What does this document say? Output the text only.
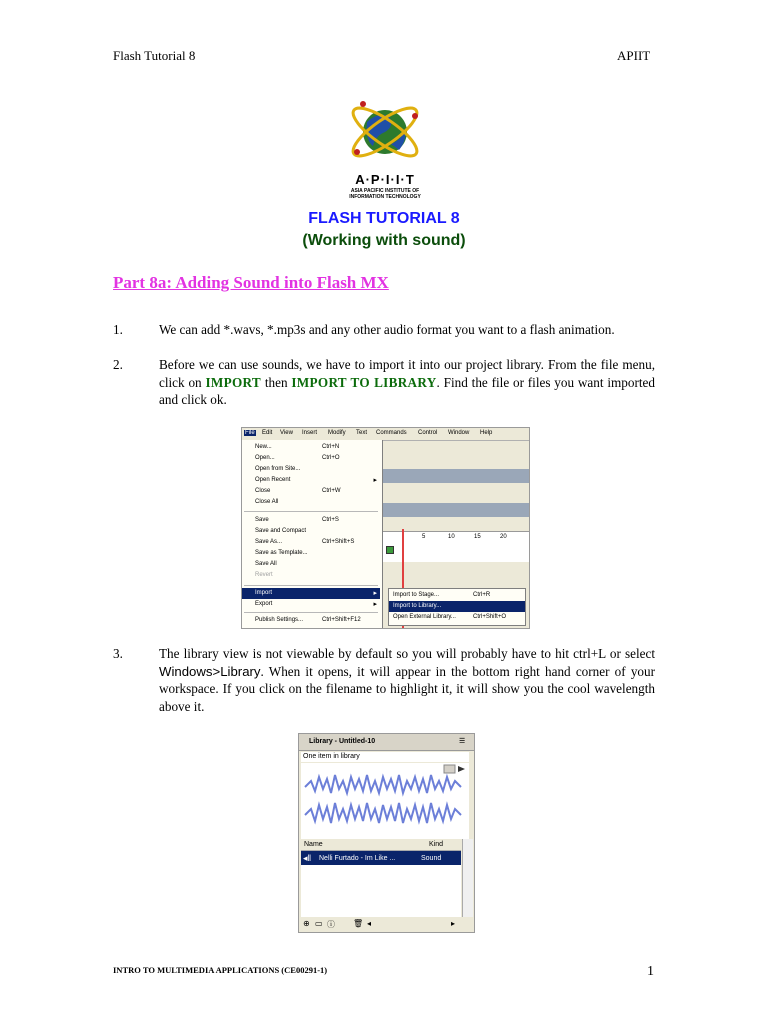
Flash Tutorial 8	APIIT
A·P·I·I·T
ASIA PACIFIC INSTITUTE OF
INFORMATION TECHNOLOGY
FLASH TUTORIAL 8
(Working with sound)
Part 8a: Adding Sound into Flash MX
1.	We can add *.wavs, *.mp3s and any other audio format you want to a flash animation.
2.	Before we can use sounds, we have to import it into our project library. From the file menu, click on IMPORT then IMPORT TO LIBRARY. Find the file or files you want imported and click ok.
File Edit View Insert Modify Text Commands Control Window Help
5	10	15	20
New...	Ctrl+N
Open...	Ctrl+O
Open from Site...
Open Recent	▸
Close	Ctrl+W
Close All
Save	Ctrl+S
Save and Compact
Save As...	Ctrl+Shift+S
Save as Template...
Save All
Revert
Import	▸
Export	▸
Publish Settings...	Ctrl+Shift+F12
Import to Stage...	Ctrl+R
Import to Library...
Open External Library...	Ctrl+Shift+O
3.	The library view is not viewable by default so you will probably have to hit ctrl+L or select Windows>Library. When it opens, it will appear in the bottom right hand corner of your workspace. If you click on the filename to highlight it, it will show you the cool wavelength above it.
Library - Untitled-10	☰
One item in library
Name	Kind
◂‖ Nelli Furtado - Im Like ...	Sound
⊕ ▭ ⓘ 🗑 ◂	▸
INTRO TO MULTIMEDIA APPLICATIONS (CE00291-1)	1
